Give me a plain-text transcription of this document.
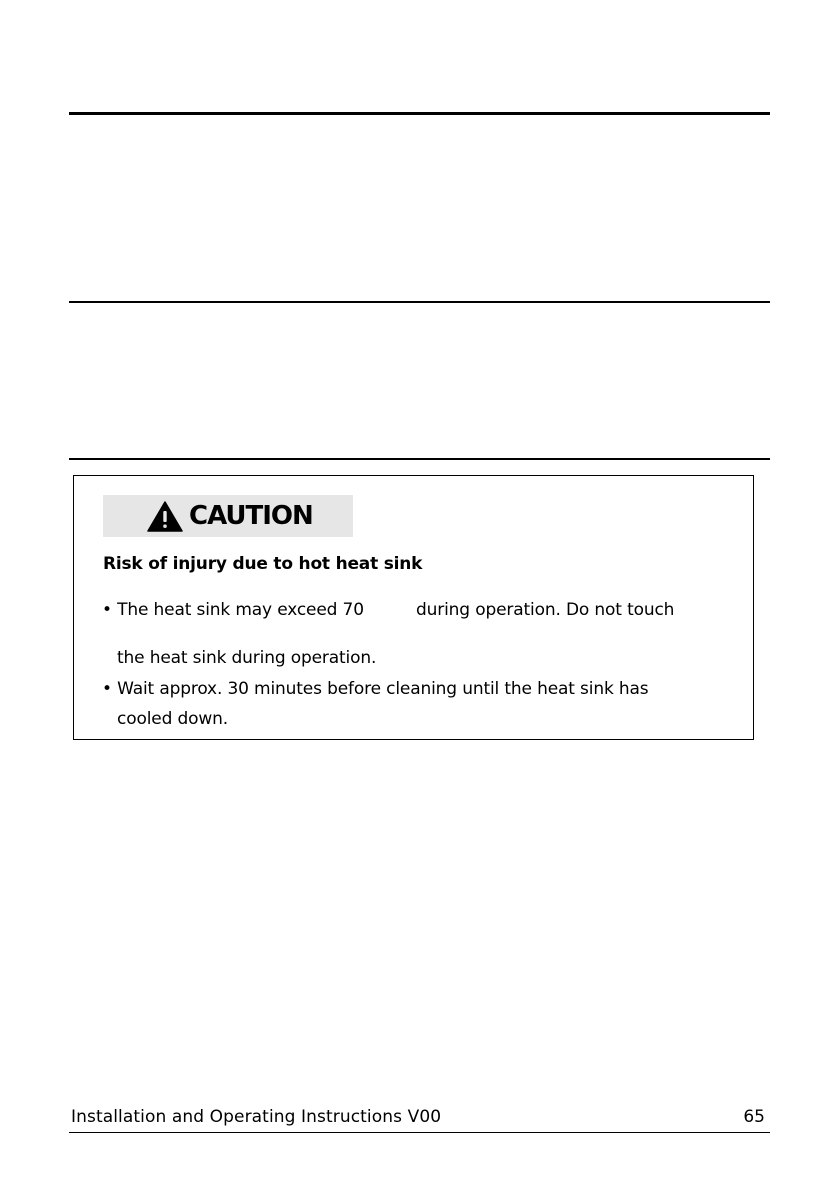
CAUTION
Risk of injury due to hot heat sink
• The heat sink may exceed 70	during operation. Do not touch
the heat sink during operation.
• Wait approx. 30 minutes before cleaning until the heat sink has
cooled down.
Installation and Operating Instructions V00	65
